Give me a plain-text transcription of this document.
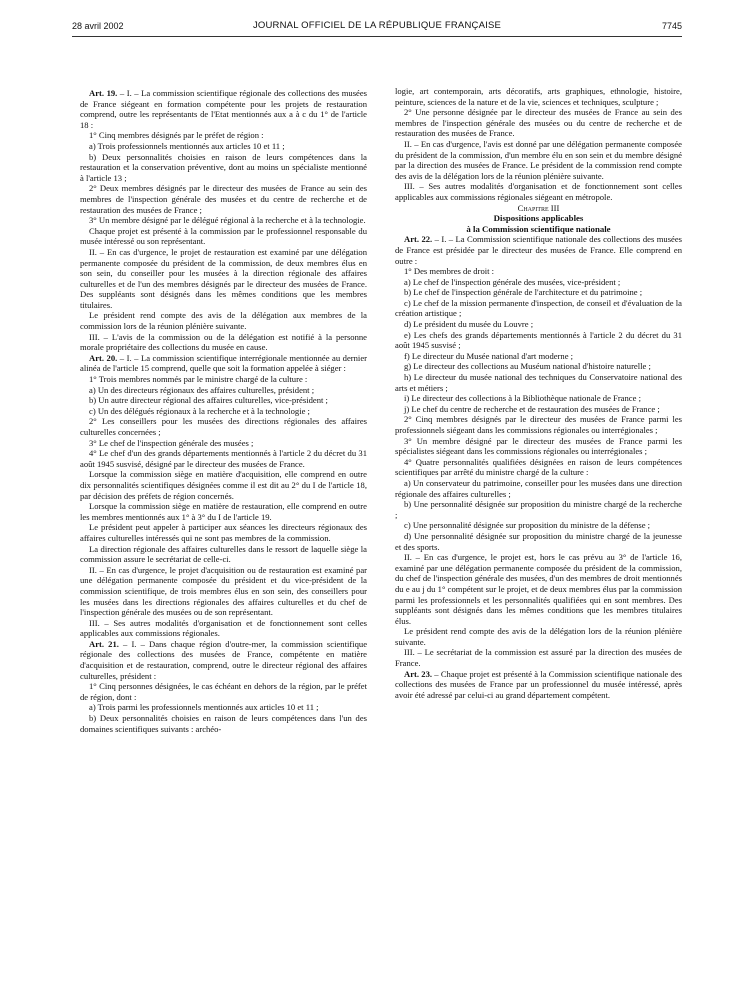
28 avril 2002	JOURNAL OFFICIEL DE LA RÉPUBLIQUE FRANÇAISE	7745

Art. 19. – I. – La commission scientifique régionale des collections des musées de France siégeant en formation compétente pour les projets de restauration comprend, outre les représentants de l'Etat mentionnés aux a à c du 1° de l'article 18 :

1° Cinq membres désignés par le préfet de région :

a) Trois professionnels mentionnés aux articles 10 et 11 ;

b) Deux personnalités choisies en raison de leurs compétences dans la restauration et la conservation préventive, dont au moins un spécialiste mentionné à l'article 13 ;

2° Deux membres désignés par le directeur des musées de France au sein des membres de l'inspection générale des musées et du centre de recherche et de restauration des musées de France ;

3° Un membre désigné par le délégué régional à la recherche et à la technologie.

Chaque projet est présenté à la commission par le professionnel responsable du musée intéressé ou son représentant.

II. – En cas d'urgence, le projet de restauration est examiné par une délégation permanente composée du président de la commission, de deux membres élus en son sein, du conseiller pour les musées à la direction régionale des affaires culturelles et de l'un des membres désignés par le directeur des musées de France. Des suppléants sont désignés dans les mêmes conditions que les membres titulaires.

Le président rend compte des avis de la délégation aux membres de la commission lors de la réunion plénière suivante.

III. – L'avis de la commission ou de la délégation est notifié à la personne morale propriétaire des collections du musée en cause.

Art. 20. – I. – La commission scientifique interrégionale mentionnée au dernier alinéa de l'article 15 comprend, quelle que soit la formation appelée à siéger :

1° Trois membres nommés par le ministre chargé de la culture :

a) Un des directeurs régionaux des affaires culturelles, président ;

b) Un autre directeur régional des affaires culturelles, vice-président ;

c) Un des délégués régionaux à la recherche et à la technologie ;

2° Les conseillers pour les musées des directions régionales des affaires culturelles concernées ;

3° Le chef de l'inspection générale des musées ;

4° Le chef d'un des grands départements mentionnés à l'article 2 du décret du 31 août 1945 susvisé, désigné par le directeur des musées de France.

Lorsque la commission siège en matière d'acquisition, elle comprend en outre dix personnalités scientifiques désignées comme il est dit au 2° du I de l'article 18, par décision des préfets de région concernés.

Lorsque la commission siège en matière de restauration, elle comprend en outre les membres mentionnés aux 1° à 3° du I de l'article 19.

Le président peut appeler à participer aux séances les directeurs régionaux des affaires culturelles intéressés qui ne sont pas membres de la commission.

La direction régionale des affaires culturelles dans le ressort de laquelle siège la commission assure le secrétariat de celle-ci.

II. – En cas d'urgence, le projet d'acquisition ou de restauration est examiné par une délégation permanente composée du président et du vice-président de la commission scientifique, de trois membres élus en son sein, des conseillers pour les musées dans les directions régionales des affaires culturelles et du chef de l'inspection générale des musées ou de son représentant.

III. – Ses autres modalités d'organisation et de fonctionnement sont celles applicables aux commissions régionales.

Art. 21. – I. – Dans chaque région d'outre-mer, la commission scientifique régionale des collections des musées de France, compétente en matière d'acquisition et de restauration, comprend, outre le directeur régional des affaires culturelles, président :

1° Cinq personnes désignées, le cas échéant en dehors de la région, par le préfet de région, dont :

a) Trois parmi les professionnels mentionnés aux articles 10 et 11 ;

b) Deux personnalités choisies en raison de leurs compétences dans l'un des domaines scientifiques suivants : archéo-

logie, art contemporain, arts décoratifs, arts graphiques, ethnologie, histoire, peinture, sciences de la nature et de la vie, sciences et techniques, sculpture ;

2° Une personne désignée par le directeur des musées de France au sein des membres de l'inspection générale des musées ou du centre de recherche et de restauration des musées de France.

II. – En cas d'urgence, l'avis est donné par une délégation permanente composée du président de la commission, d'un membre élu en son sein et du membre désigné par la direction des musées de France. Le président de la commission rend compte des avis de la délégation lors de la réunion plénière suivante.

III. – Ses autres modalités d'organisation et de fonctionnement sont celles applicables aux commissions régionales siégeant en métropole.

Chapitre III

Dispositions applicables

à la Commission scientifique nationale

Art. 22. – I. – La Commission scientifique nationale des collections des musées de France est présidée par le directeur des musées de France. Elle comprend en outre :

1° Des membres de droit :

a) Le chef de l'inspection générale des musées, vice-président ;

b) Le chef de l'inspection générale de l'architecture et du patrimoine ;

c) Le chef de la mission permanente d'inspection, de conseil et d'évaluation de la création artistique ;

d) Le président du musée du Louvre ;

e) Les chefs des grands départements mentionnés à l'article 2 du décret du 31 août 1945 susvisé ;

f) Le directeur du Musée national d'art moderne ;

g) Le directeur des collections au Muséum national d'histoire naturelle ;

h) Le directeur du musée national des techniques du Conservatoire national des arts et métiers ;

i) Le directeur des collections à la Bibliothèque nationale de France ;

j) Le chef du centre de recherche et de restauration des musées de France ;

2° Cinq membres désignés par le directeur des musées de France parmi les professionnels siégeant dans les commissions régionales ou interrégionales ;

3° Un membre désigné par le directeur des musées de France parmi les spécialistes siégeant dans les commissions régionales ou interrégionales ;

4° Quatre personnalités qualifiées désignées en raison de leurs compétences scientifiques par arrêté du ministre chargé de la culture :

a) Un conservateur du patrimoine, conseiller pour les musées dans une direction régionale des affaires culturelles ;

b) Une personnalité désignée sur proposition du ministre chargé de la recherche ;

c) Une personnalité désignée sur proposition du ministre de la défense ;

d) Une personnalité désignée sur proposition du ministre chargé de la jeunesse et des sports.

II. – En cas d'urgence, le projet est, hors le cas prévu au 3° de l'article 16, examiné par une délégation permanente composée du président de la commission, du chef de l'inspection générale des musées, d'un des membres de droit mentionnés du e au j du 1° compétent sur le projet, et de deux membres élus par la commission parmi les professionnels et les personnalités qualifiées qui en sont membres. Des suppléants sont désignés dans les mêmes conditions que les membres titulaires élus.

Le président rend compte des avis de la délégation lors de la réunion plénière suivante.

III. – Le secrétariat de la commission est assuré par la direction des musées de France.

Art. 23. – Chaque projet est présenté à la Commission scientifique nationale des collections des musées de France par un professionnel du musée intéressé, après avoir été adressé par celui-ci au grand département compétent.
